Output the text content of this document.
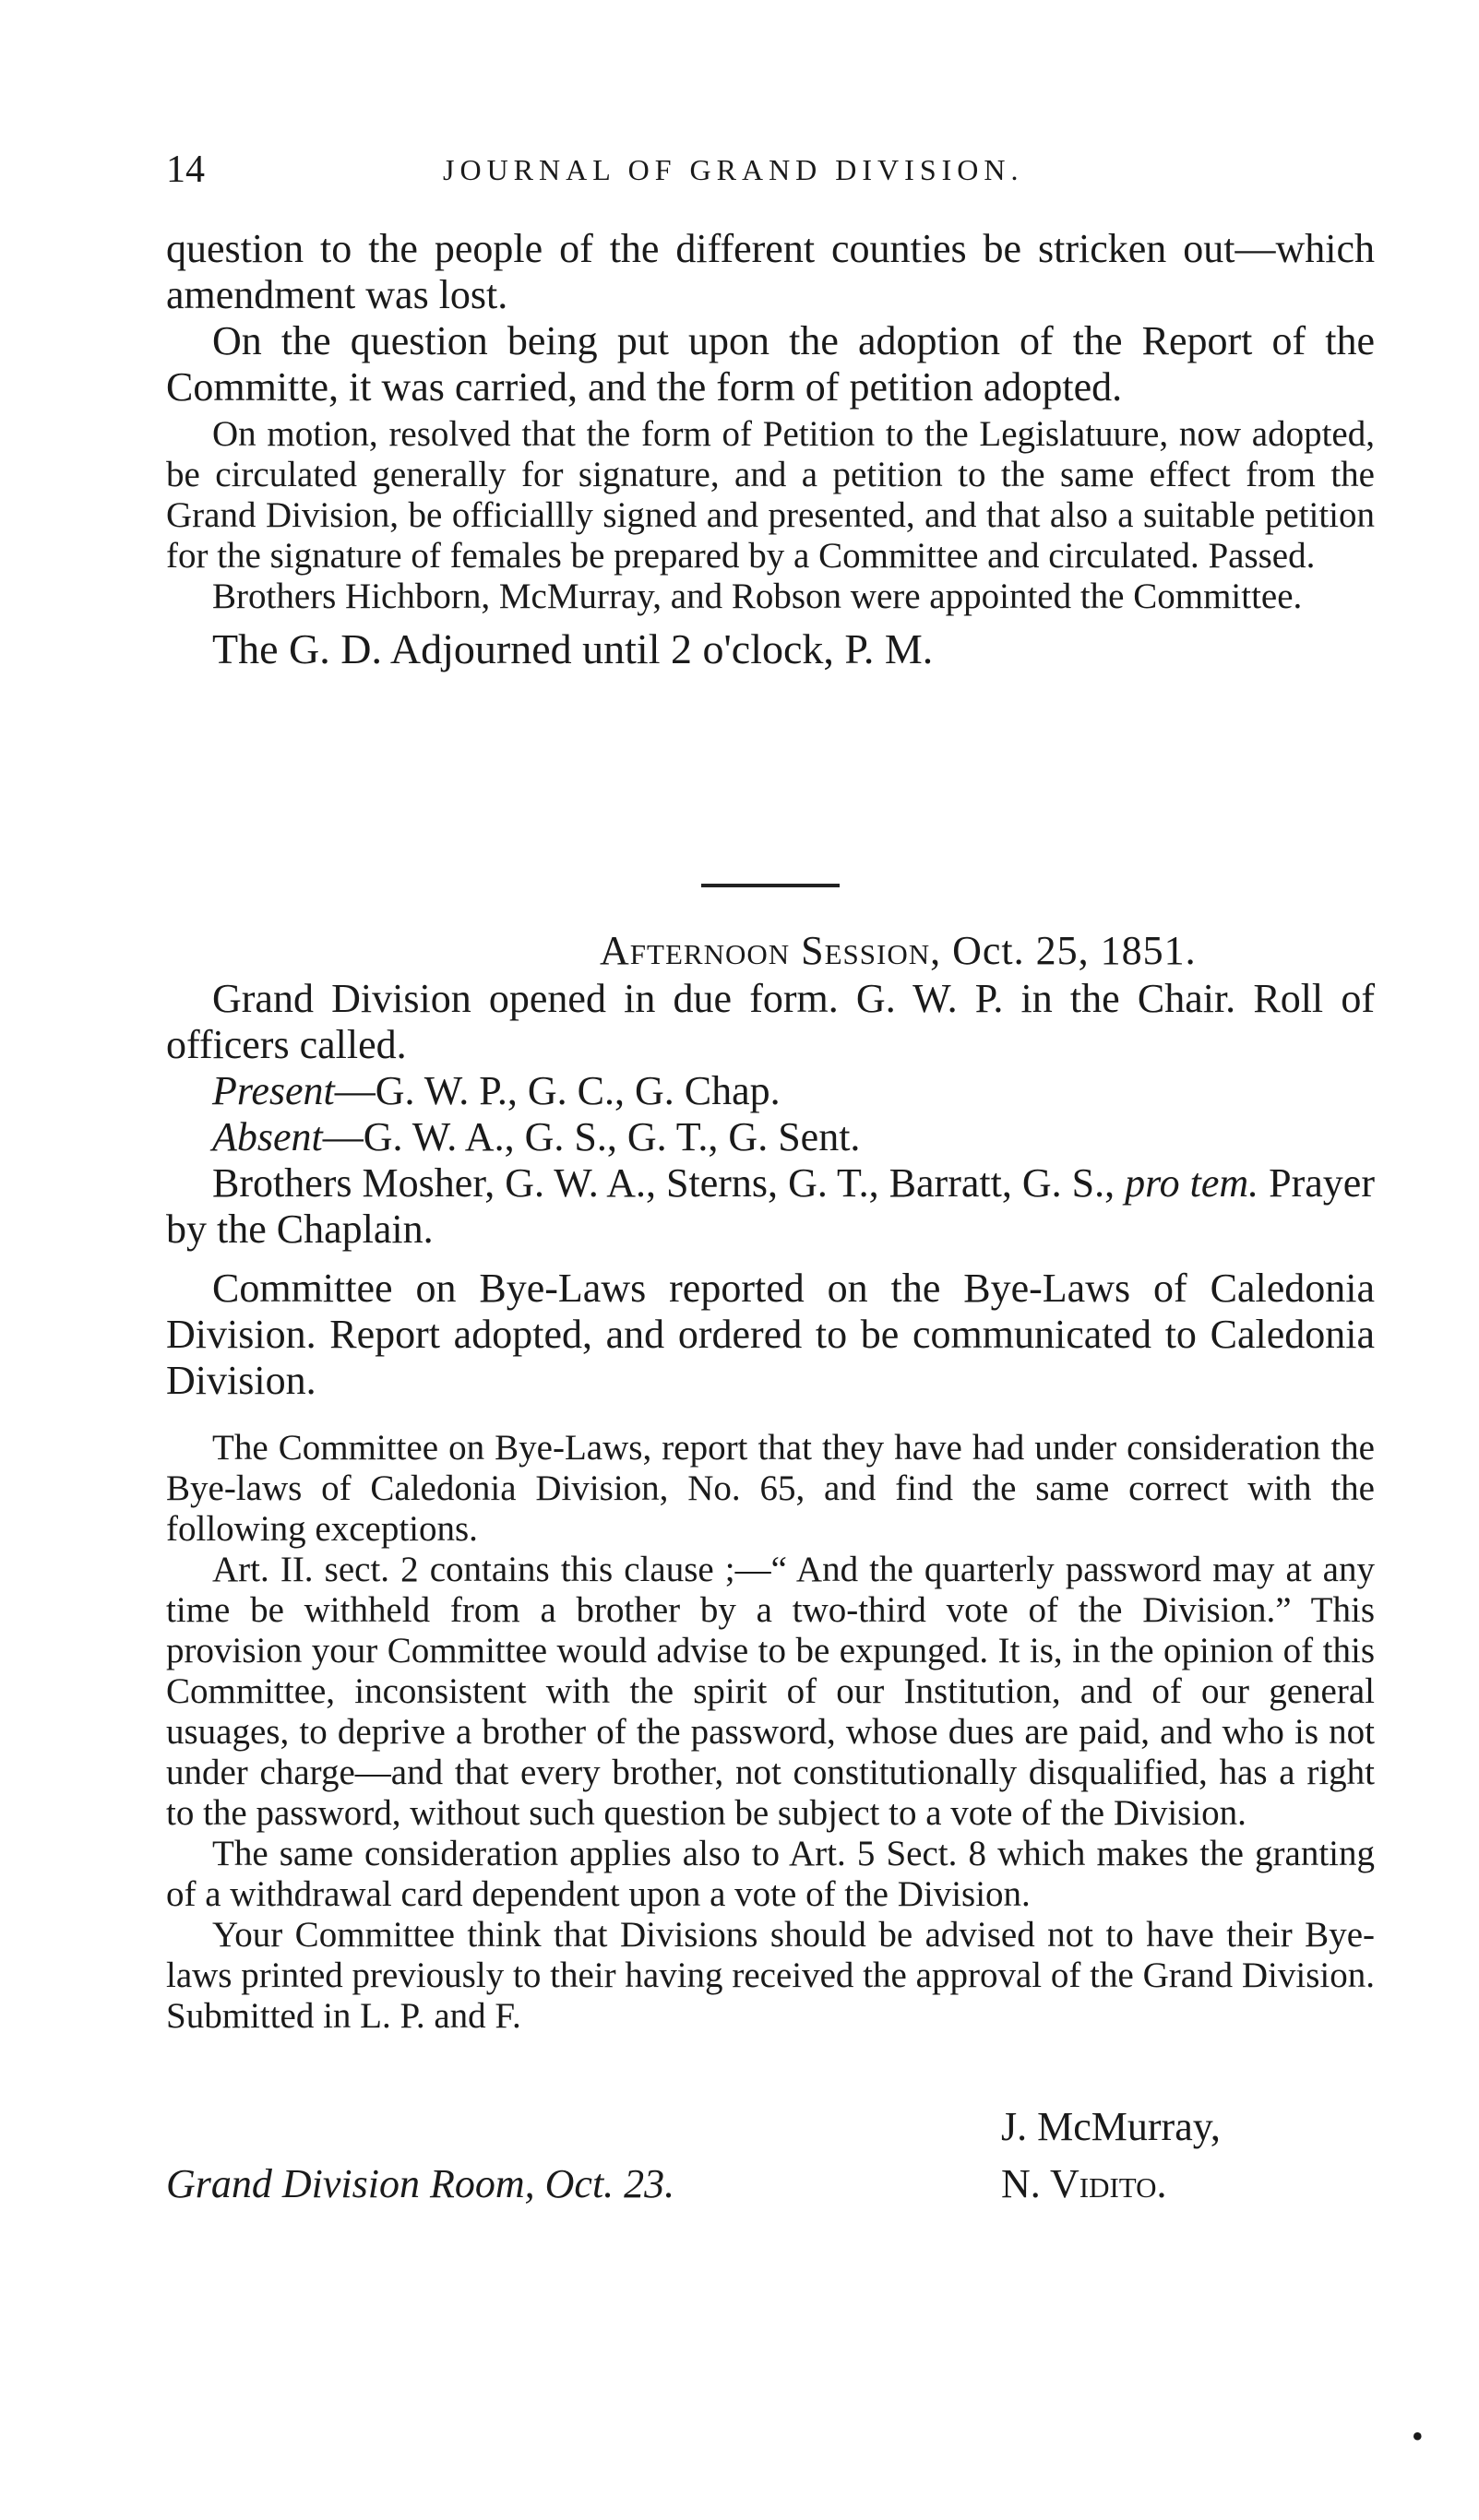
14	JOURNAL OF GRAND DIVISION.

question to the people of the different counties be stricken out—which amendment was lost.

On the question being put upon the adoption of the Report of the Committe, it was carried, and the form of petition adopted.

On motion, resolved that the form of Petition to the Legislatuure, now adopted, be circulated generally for signature, and a petition to the same effect from the Grand Division, be officiallly signed and presented, and that also a suitable petition for the signature of females be prepared by a Committee and circulated. Passed.

Brothers Hichborn, McMurray, and Robson were appointed the Committee.

The G. D. Adjourned until 2 o'clock, P. M.

Afternoon Session, Oct. 25, 1851.

Grand Division opened in due form. G. W. P. in the Chair. Roll of officers called.

Present—G. W. P., G. C., G. Chap.

Absent—G. W. A., G. S., G. T., G. Sent.

Brothers Mosher, G. W. A., Sterns, G. T., Barratt, G. S., pro tem. Prayer by the Chaplain.

Committee on Bye-Laws reported on the Bye-Laws of Caledonia Division. Report adopted, and ordered to be communicated to Caledonia Division.

The Committee on Bye-Laws, report that they have had under consideration the Bye-laws of Caledonia Division, No. 65, and find the same correct with the following exceptions.

Art. II. sect. 2 contains this clause ;—“ And the quarterly password may at any time be withheld from a brother by a two-third vote of the Division.” This provision your Committee would advise to be expunged. It is, in the opinion of this Committee, inconsistent with the spirit of our Institution, and of our general usuages, to deprive a brother of the password, whose dues are paid, and who is not under charge—and that every brother, not constitutionally disqualified, has a right to the password, without such question be subject to a vote of the Division.

The same consideration applies also to Art. 5 Sect. 8 which makes the granting of a withdrawal card dependent upon a vote of the Division.

Your Committee think that Divisions should be advised not to have their Bye-laws printed previously to their having received the approval of the Grand Division. Submitted in L. P. and F.

J. McMurray,
Grand Division Room, Oct. 23.	N. Vidito.
•
